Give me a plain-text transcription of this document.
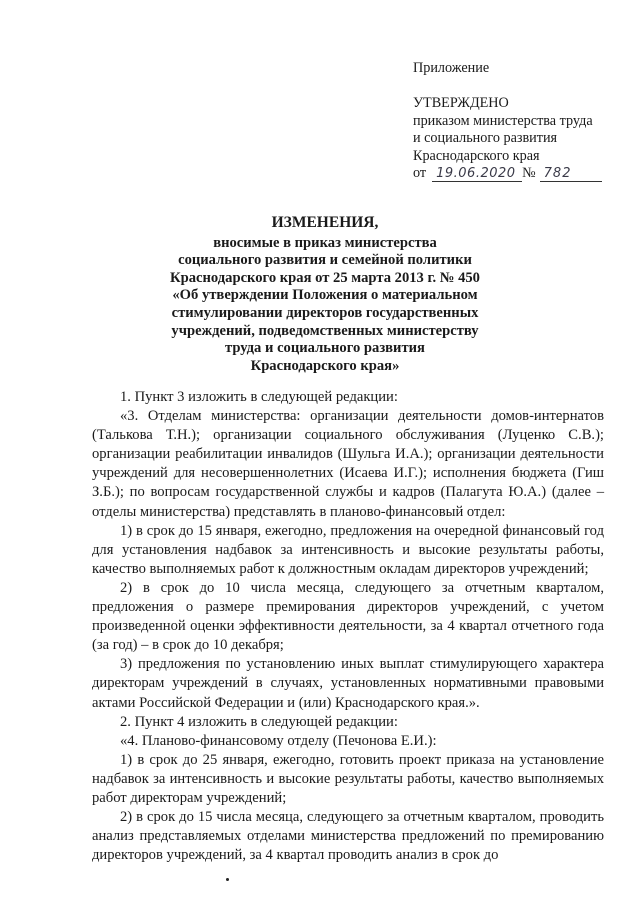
Приложение
УТВЕРЖДЕНО
приказом министерства труда
и социального развития
Краснодарского края
от 19.06.2020 № 782
ИЗМЕНЕНИЯ,
вносимые в приказ министерства
социального развития и семейной политики
Краснодарского края от 25 марта 2013 г. № 450
«Об утверждении Положения о материальном
стимулировании директоров государственных
учреждений, подведомственных министерству
труда и социального развития
Краснодарского края»

1. Пункт 3 изложить в следующей редакции:

«3. Отделам министерства: организации деятельности домов-интернатов (Талькова Т.Н.); организации социального обслуживания (Луценко С.В.); организации реабилитации инвалидов (Шульга И.А.); организации деятельности учреждений для несовершеннолетних (Исаева И.Г.); исполнения бюджета (Гиш З.Б.); по вопросам государственной службы и кадров (Палагута Ю.А.) (далее – отделы министерства) представлять в планово-финансовый отдел:

1) в срок до 15 января, ежегодно, предложения на очередной финансовый год для установления надбавок за интенсивность и высокие результаты работы, качество выполняемых работ к должностным окладам директоров учреждений;

2) в срок до 10 числа месяца, следующего за отчетным кварталом, предложения о размере премирования директоров учреждений, с учетом произведенной оценки эффективности деятельности, за 4 квартал отчетного года (за год) – в срок до 10 декабря;

3) предложения по установлению иных выплат стимулирующего характера директорам учреждений в случаях, установленных нормативными правовыми актами Российской Федерации и (или) Краснодарского края.».

2. Пункт 4 изложить в следующей редакции:

«4. Планово-финансовому отделу (Печонова Е.И.):

1) в срок до 25 января, ежегодно, готовить проект приказа на установление надбавок за интенсивность и высокие результаты работы, качество выполняемых работ директорам учреждений;

2) в срок до 15 числа месяца, следующего за отчетным кварталом, проводить анализ представляемых отделами министерства предложений по премированию директоров учреждений, за 4 квартал проводить анализ в срок до
